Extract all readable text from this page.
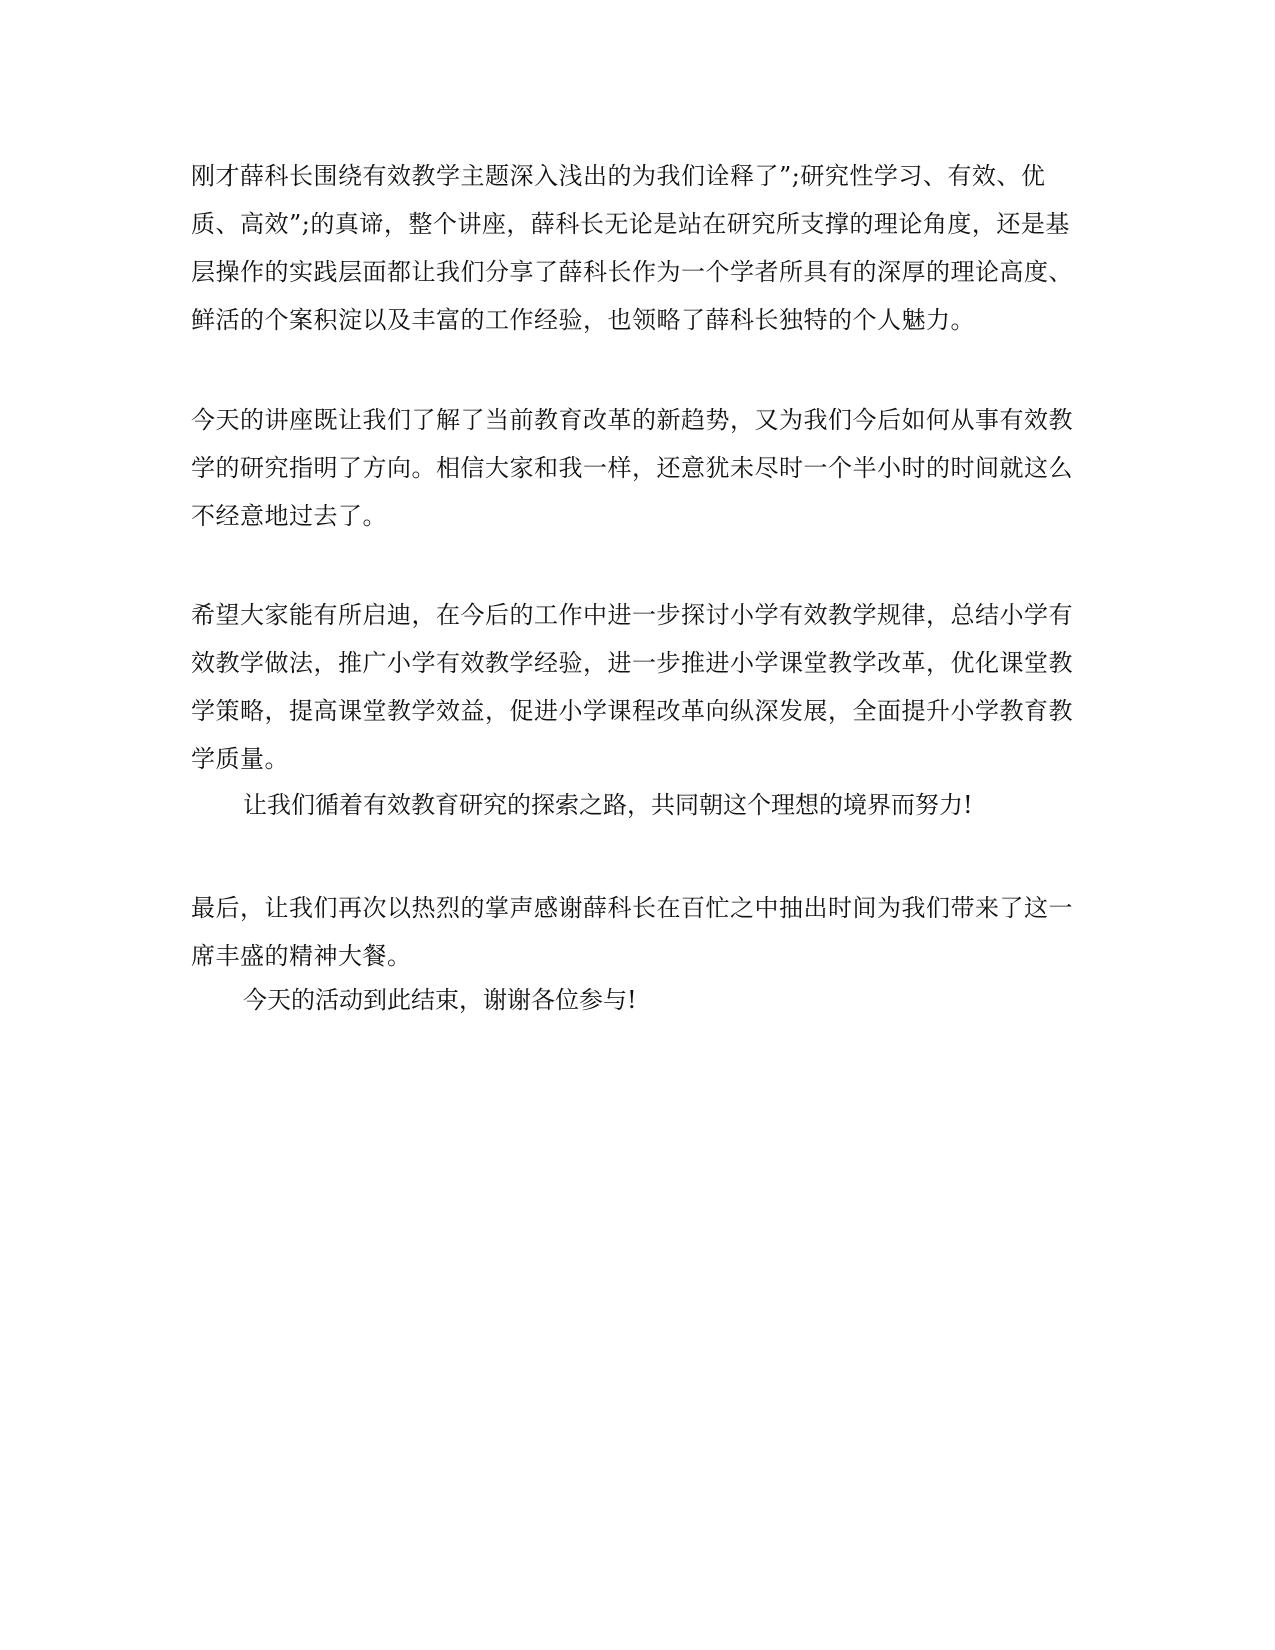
刚才薛科长围绕有效教学主题深入浅出的为我们诠释了”;研究性学习、有效、优质、高效”;的真谛，整个讲座，薛科长无论是站在研究所支撑的理论角度，还是基层操作的实践层面都让我们分享了薛科长作为一个学者所具有的深厚的理论高度、鲜活的个案积淀以及丰富的工作经验，也领略了薛科长独特的个人魅力。

今天的讲座既让我们了解了当前教育改革的新趋势，又为我们今后如何从事有效教学的研究指明了方向。相信大家和我一样，还意犹未尽时一个半小时的时间就这么不经意地过去了。

希望大家能有所启迪，在今后的工作中进一步探讨小学有效教学规律，总结小学有效教学做法，推广小学有效教学经验，进一步推进小学课堂教学改革，优化课堂教学策略，提高课堂教学效益，促进小学课程改革向纵深发展，全面提升小学教育教学质量。

让我们循着有效教育研究的探索之路，共同朝这个理想的境界而努力!

最后，让我们再次以热烈的掌声感谢薛科长在百忙之中抽出时间为我们带来了这一席丰盛的精神大餐。

今天的活动到此结束，谢谢各位参与!
